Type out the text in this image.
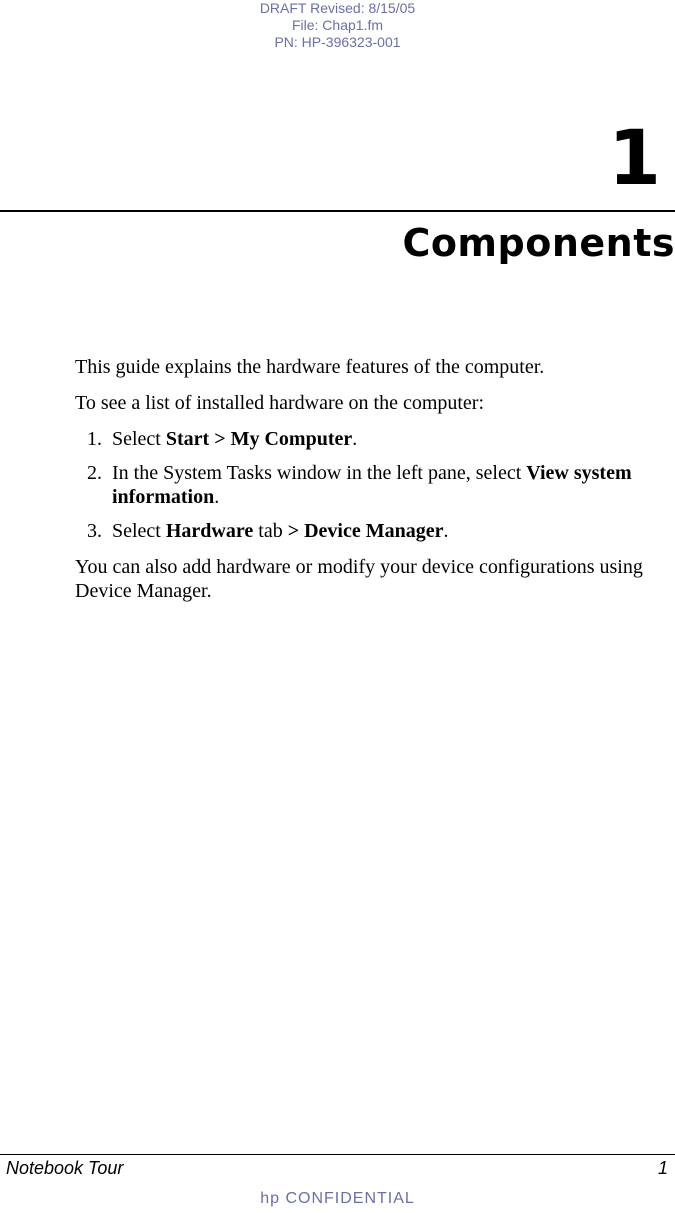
DRAFT Revised: 8/15/05
File: Chap1.fm
PN: HP-396323-001
1
Components

This guide explains the hardware features of the computer.

To see a list of installed hardware on the computer:

1. Select Start > My Computer.
2. In the System Tasks window in the left pane, select View system information.
3. Select Hardware tab > Device Manager.

You can also add hardware or modify your device configurations using Device Manager.

Notebook Tour	1
hp CONFIDENTIAL
